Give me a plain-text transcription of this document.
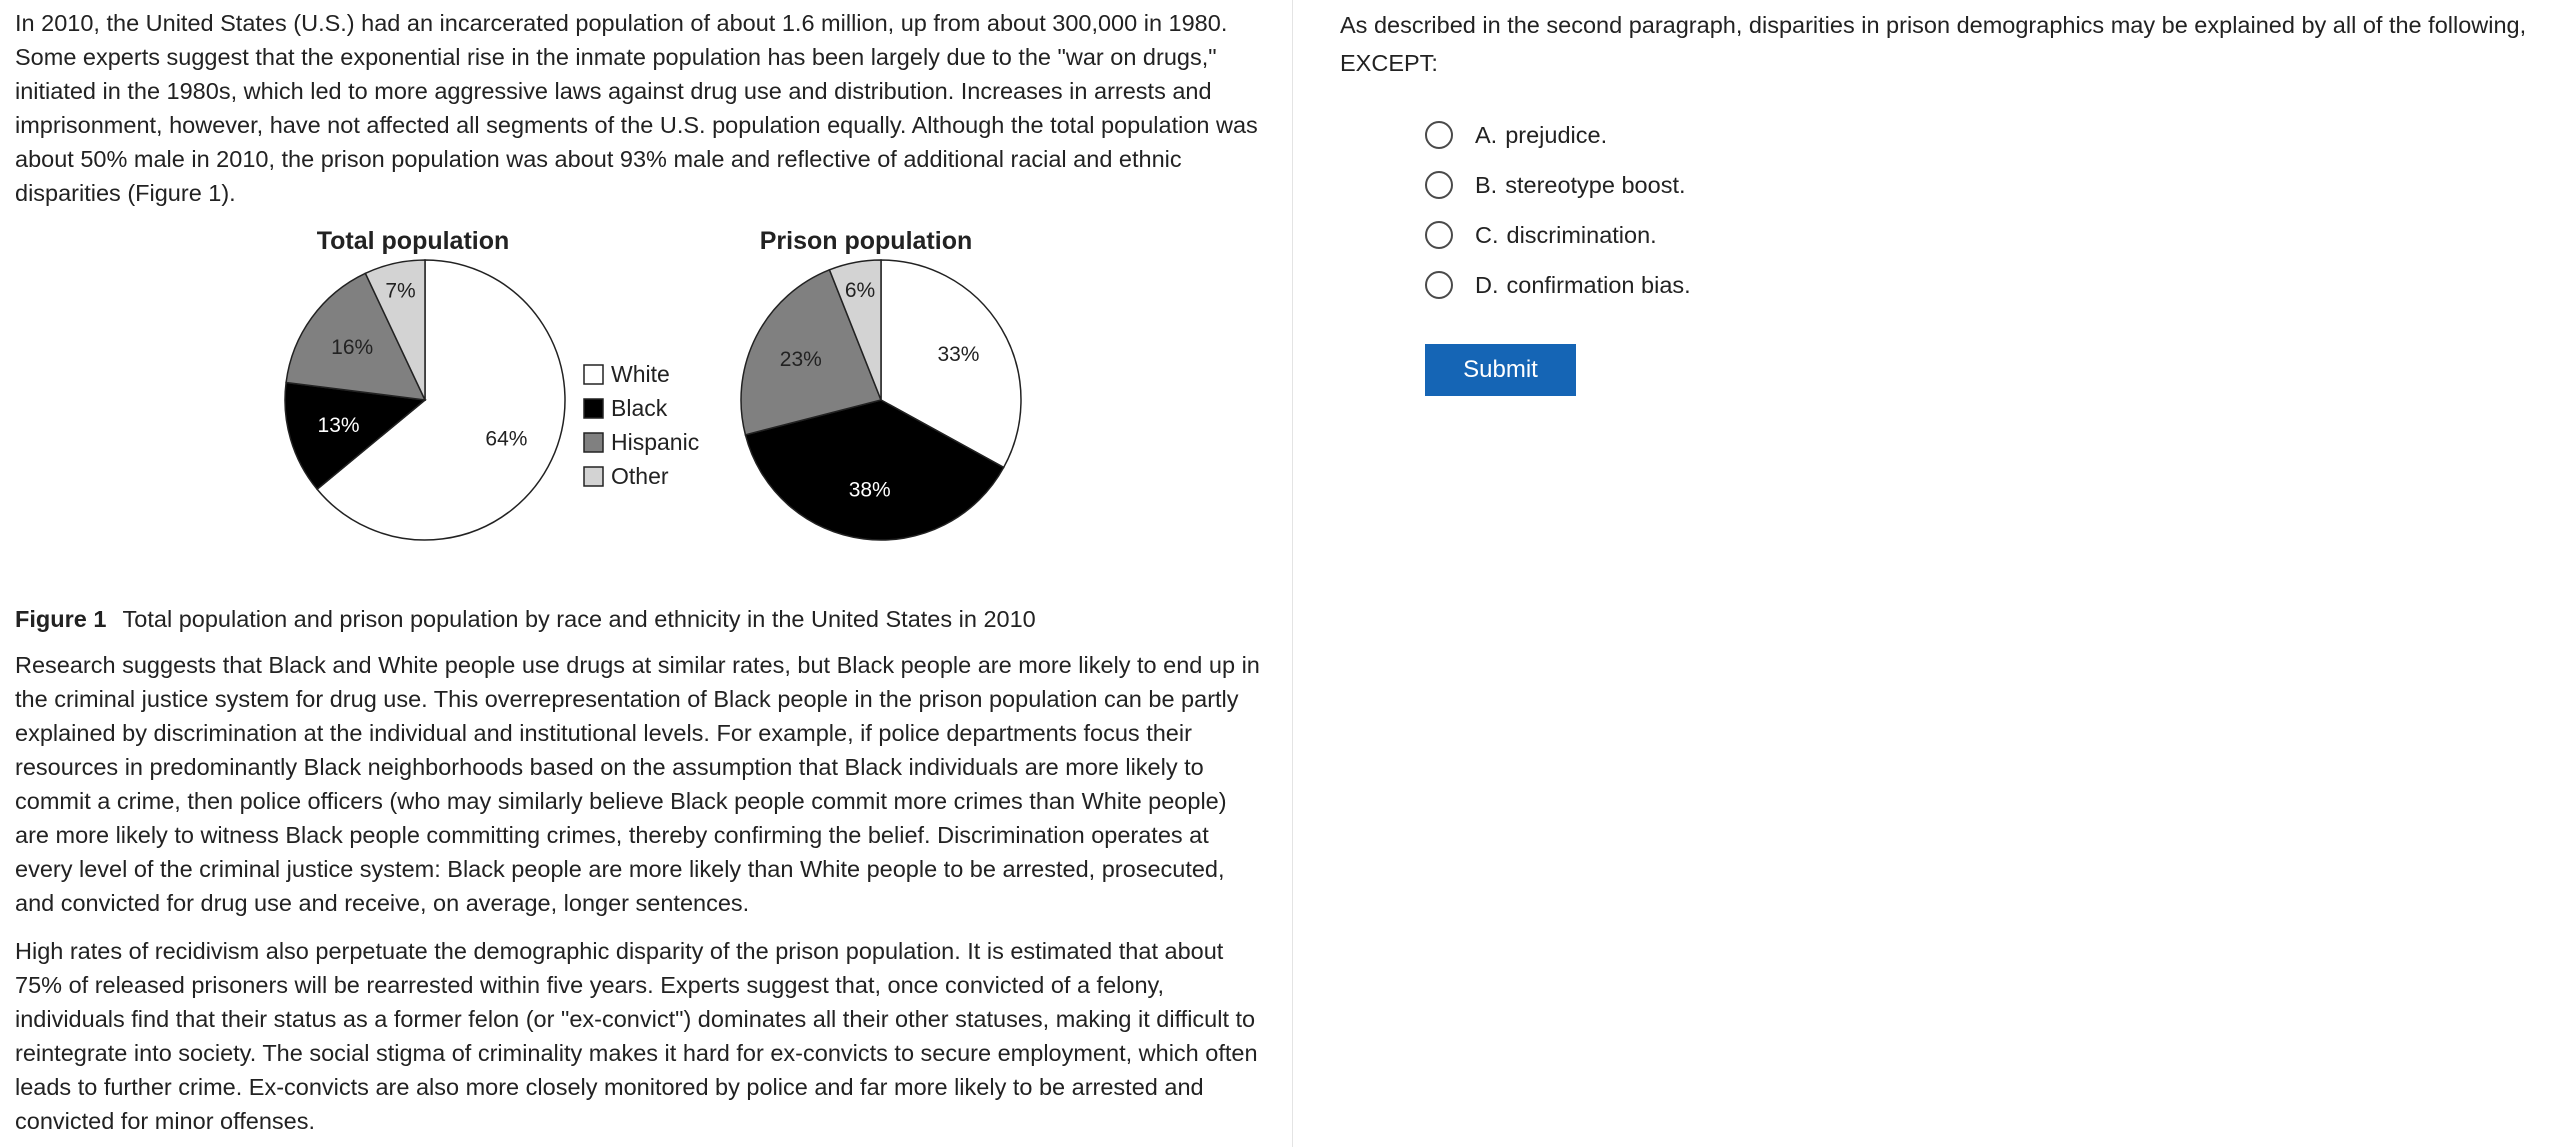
In 2010, the United States (U.S.) had an incarcerated population of about 1.6 million, up from about 300,000 in 1980. Some experts suggest that the exponential rise in the inmate population has been largely due to the "war on drugs," initiated in the 1980s, which led to more aggressive laws against drug use and distribution. Increases in arrests and imprisonment, however, have not affected all segments of the U.S. population equally. Although the total population was about 50% male in 2010, the prison population was about 93% male and reflective of additional racial and ethnic disparities (Figure 1).

Total population	Prison population
64%
13%
16%
7%
33%
38%
23%
6%
White
Black
Hispanic
Other

Figure 1 Total population and prison population by race and ethnicity in the United States in 2010

Research suggests that Black and White people use drugs at similar rates, but Black people are more likely to end up in the criminal justice system for drug use. This overrepresentation of Black people in the prison population can be partly explained by discrimination at the individual and institutional levels. For example, if police departments focus their resources in predominantly Black neighborhoods based on the assumption that Black individuals are more likely to commit a crime, then police officers (who may similarly believe Black people commit more crimes than White people) are more likely to witness Black people committing crimes, thereby confirming the belief. Discrimination operates at every level of the criminal justice system: Black people are more likely than White people to be arrested, prosecuted, and convicted for drug use and receive, on average, longer sentences.

High rates of recidivism also perpetuate the demographic disparity of the prison population. It is estimated that about 75% of released prisoners will be rearrested within five years. Experts suggest that, once convicted of a felony, individuals find that their status as a former felon (or "ex-convict") dominates all their other statuses, making it difficult to reintegrate into society. The social stigma of criminality makes it hard for ex-convicts to secure employment, which often leads to further crime. Ex-convicts are also more closely monitored by police and far more likely to be arrested and convicted for minor offenses.

As described in the second paragraph, disparities in prison demographics may be explained by all of the following, EXCEPT:

A. prejudice.
B. stereotype boost.
C. discrimination.
D. confirmation bias.
Submit
